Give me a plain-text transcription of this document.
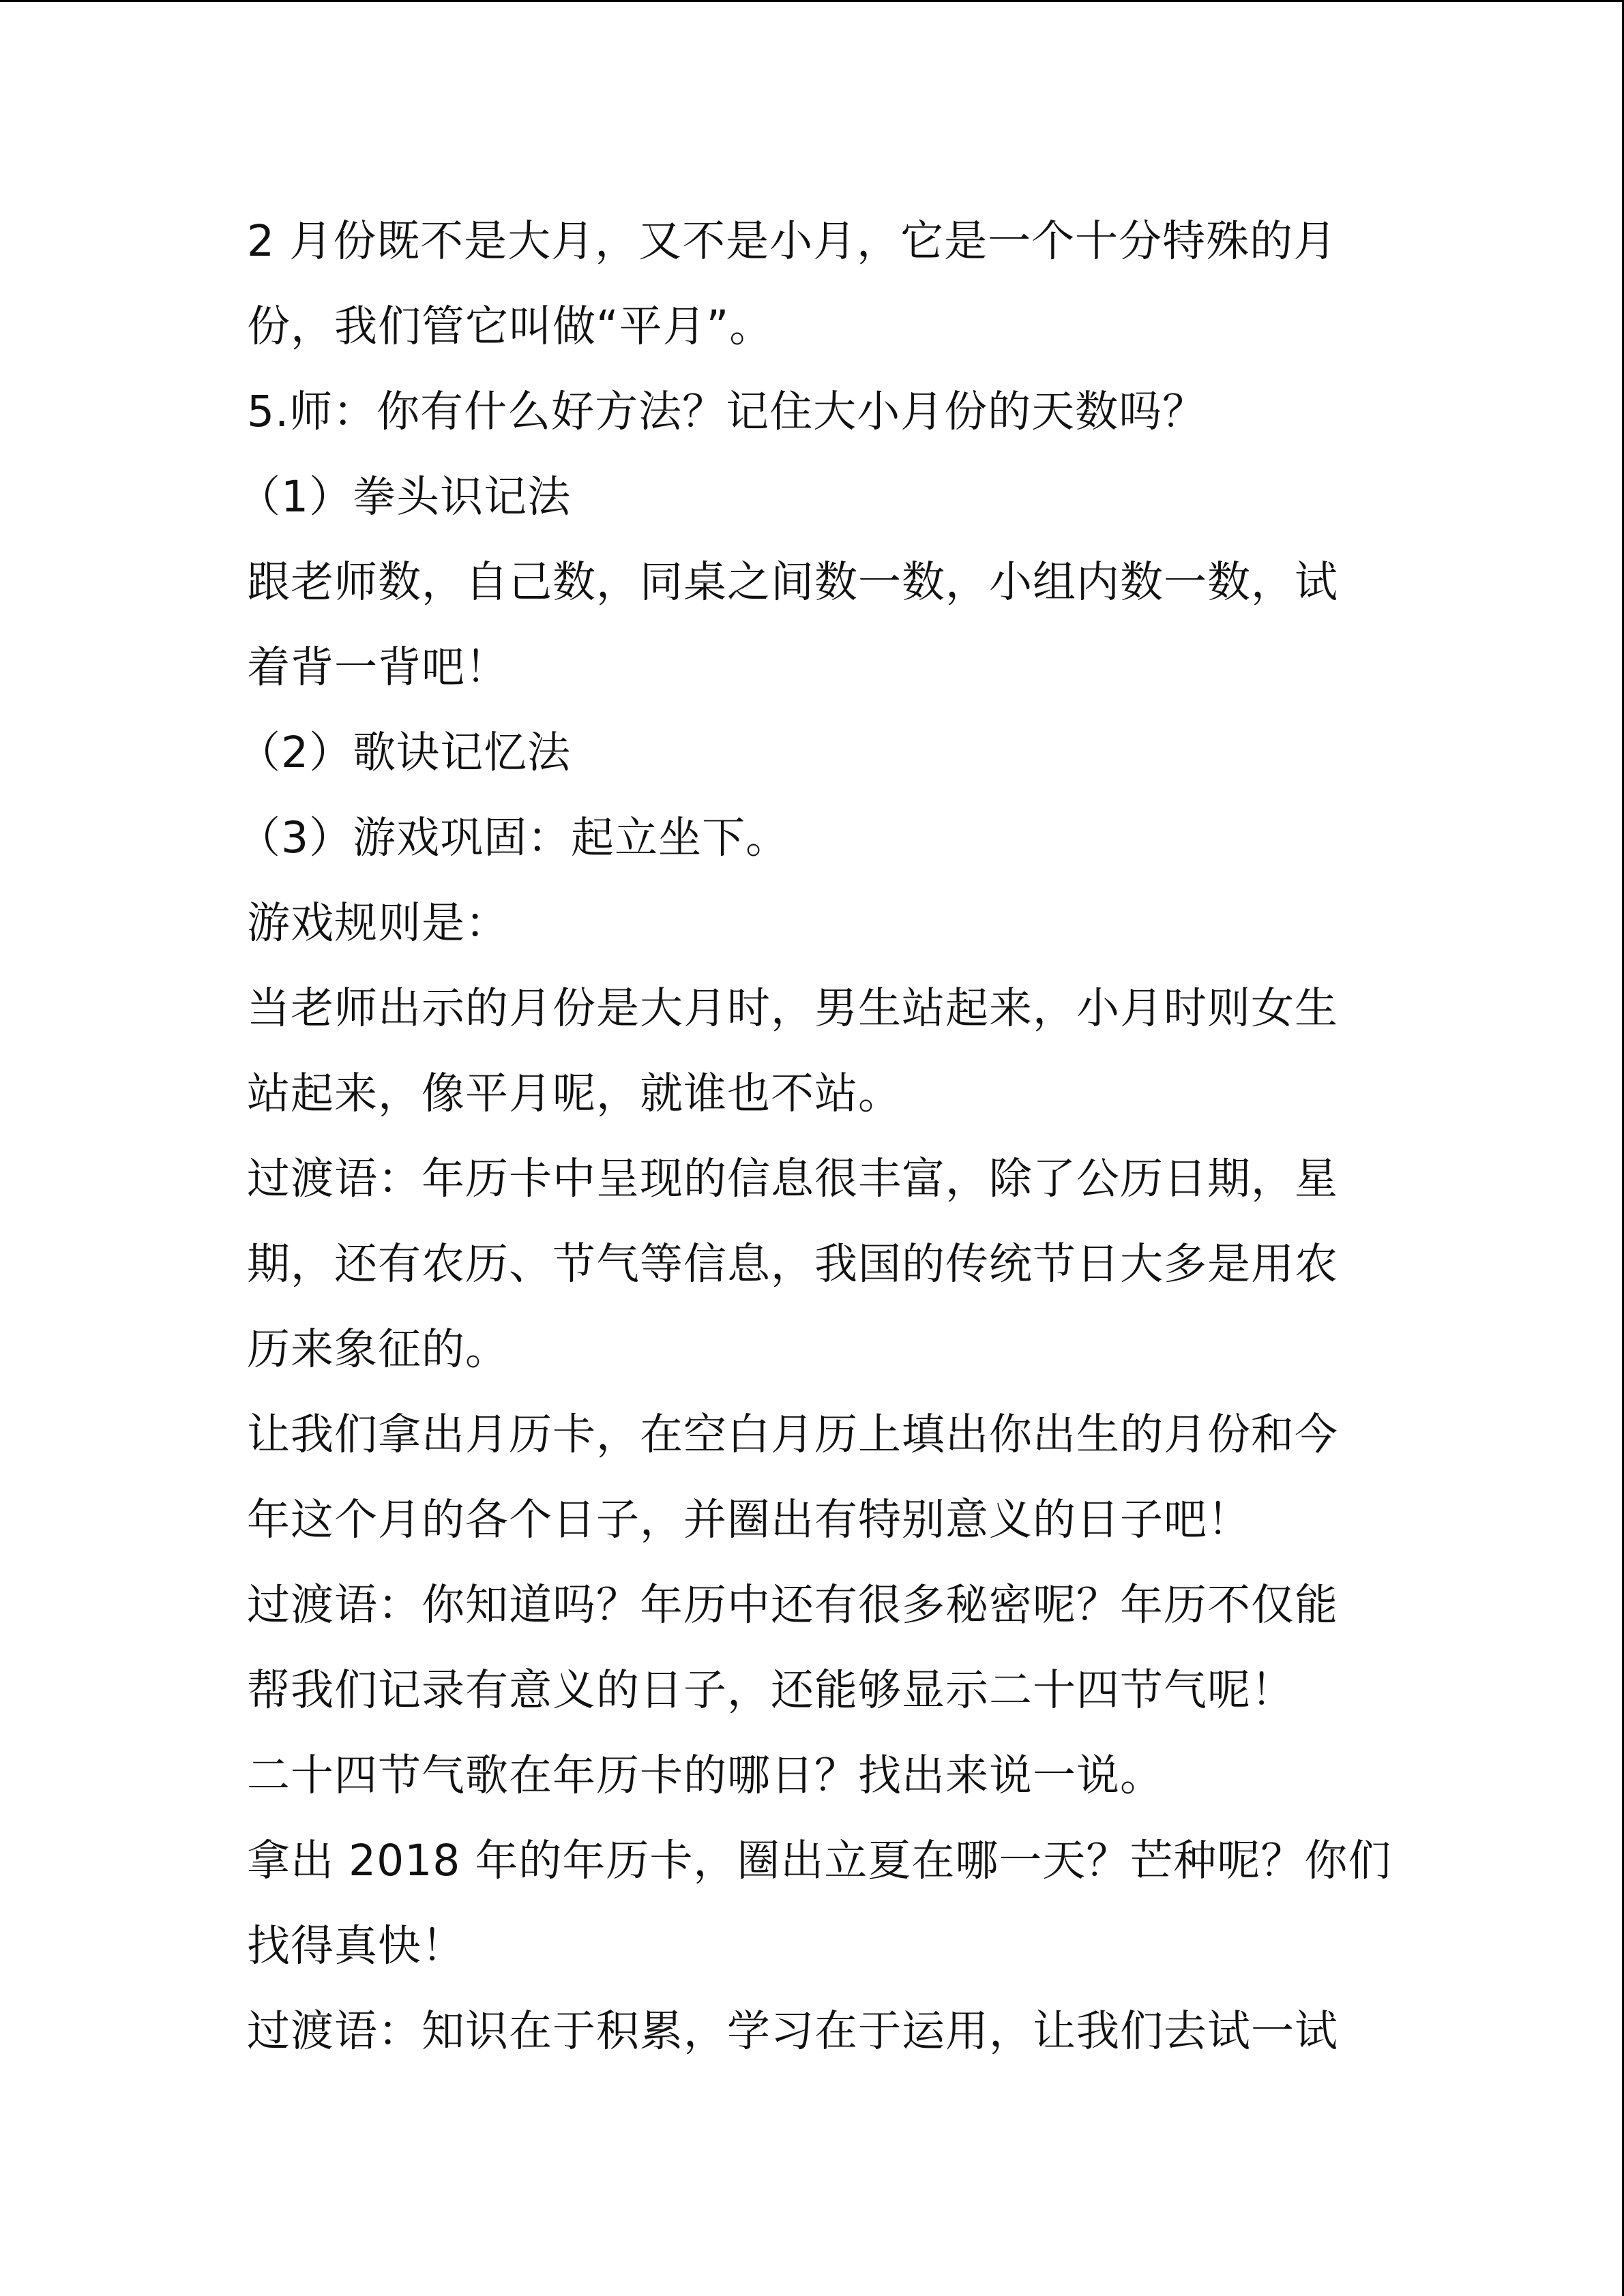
2 月份既不是大月，又不是小月，它是一个十分特殊的月
份，我们管它叫做“平月”。
5.师：你有什么好方法？记住大小月份的天数吗？
（1）拳头识记法
跟老师数，自己数，同桌之间数一数，小组内数一数，试
着背一背吧！
（2）歌诀记忆法
（3）游戏巩固：起立坐下。
游戏规则是：
当老师出示的月份是大月时，男生站起来，小月时则女生
站起来，像平月呢，就谁也不站。
过渡语：年历卡中呈现的信息很丰富，除了公历日期，星
期，还有农历、节气等信息，我国的传统节日大多是用农
历来象征的。
让我们拿出月历卡，在空白月历上填出你出生的月份和今
年这个月的各个日子，并圈出有特别意义的日子吧！
过渡语：你知道吗？年历中还有很多秘密呢？年历不仅能
帮我们记录有意义的日子，还能够显示二十四节气呢！
二十四节气歌在年历卡的哪日？找出来说一说。
拿出 2018 年的年历卡，圈出立夏在哪一天？芒种呢？你们
找得真快！
过渡语：知识在于积累，学习在于运用，让我们去试一试
